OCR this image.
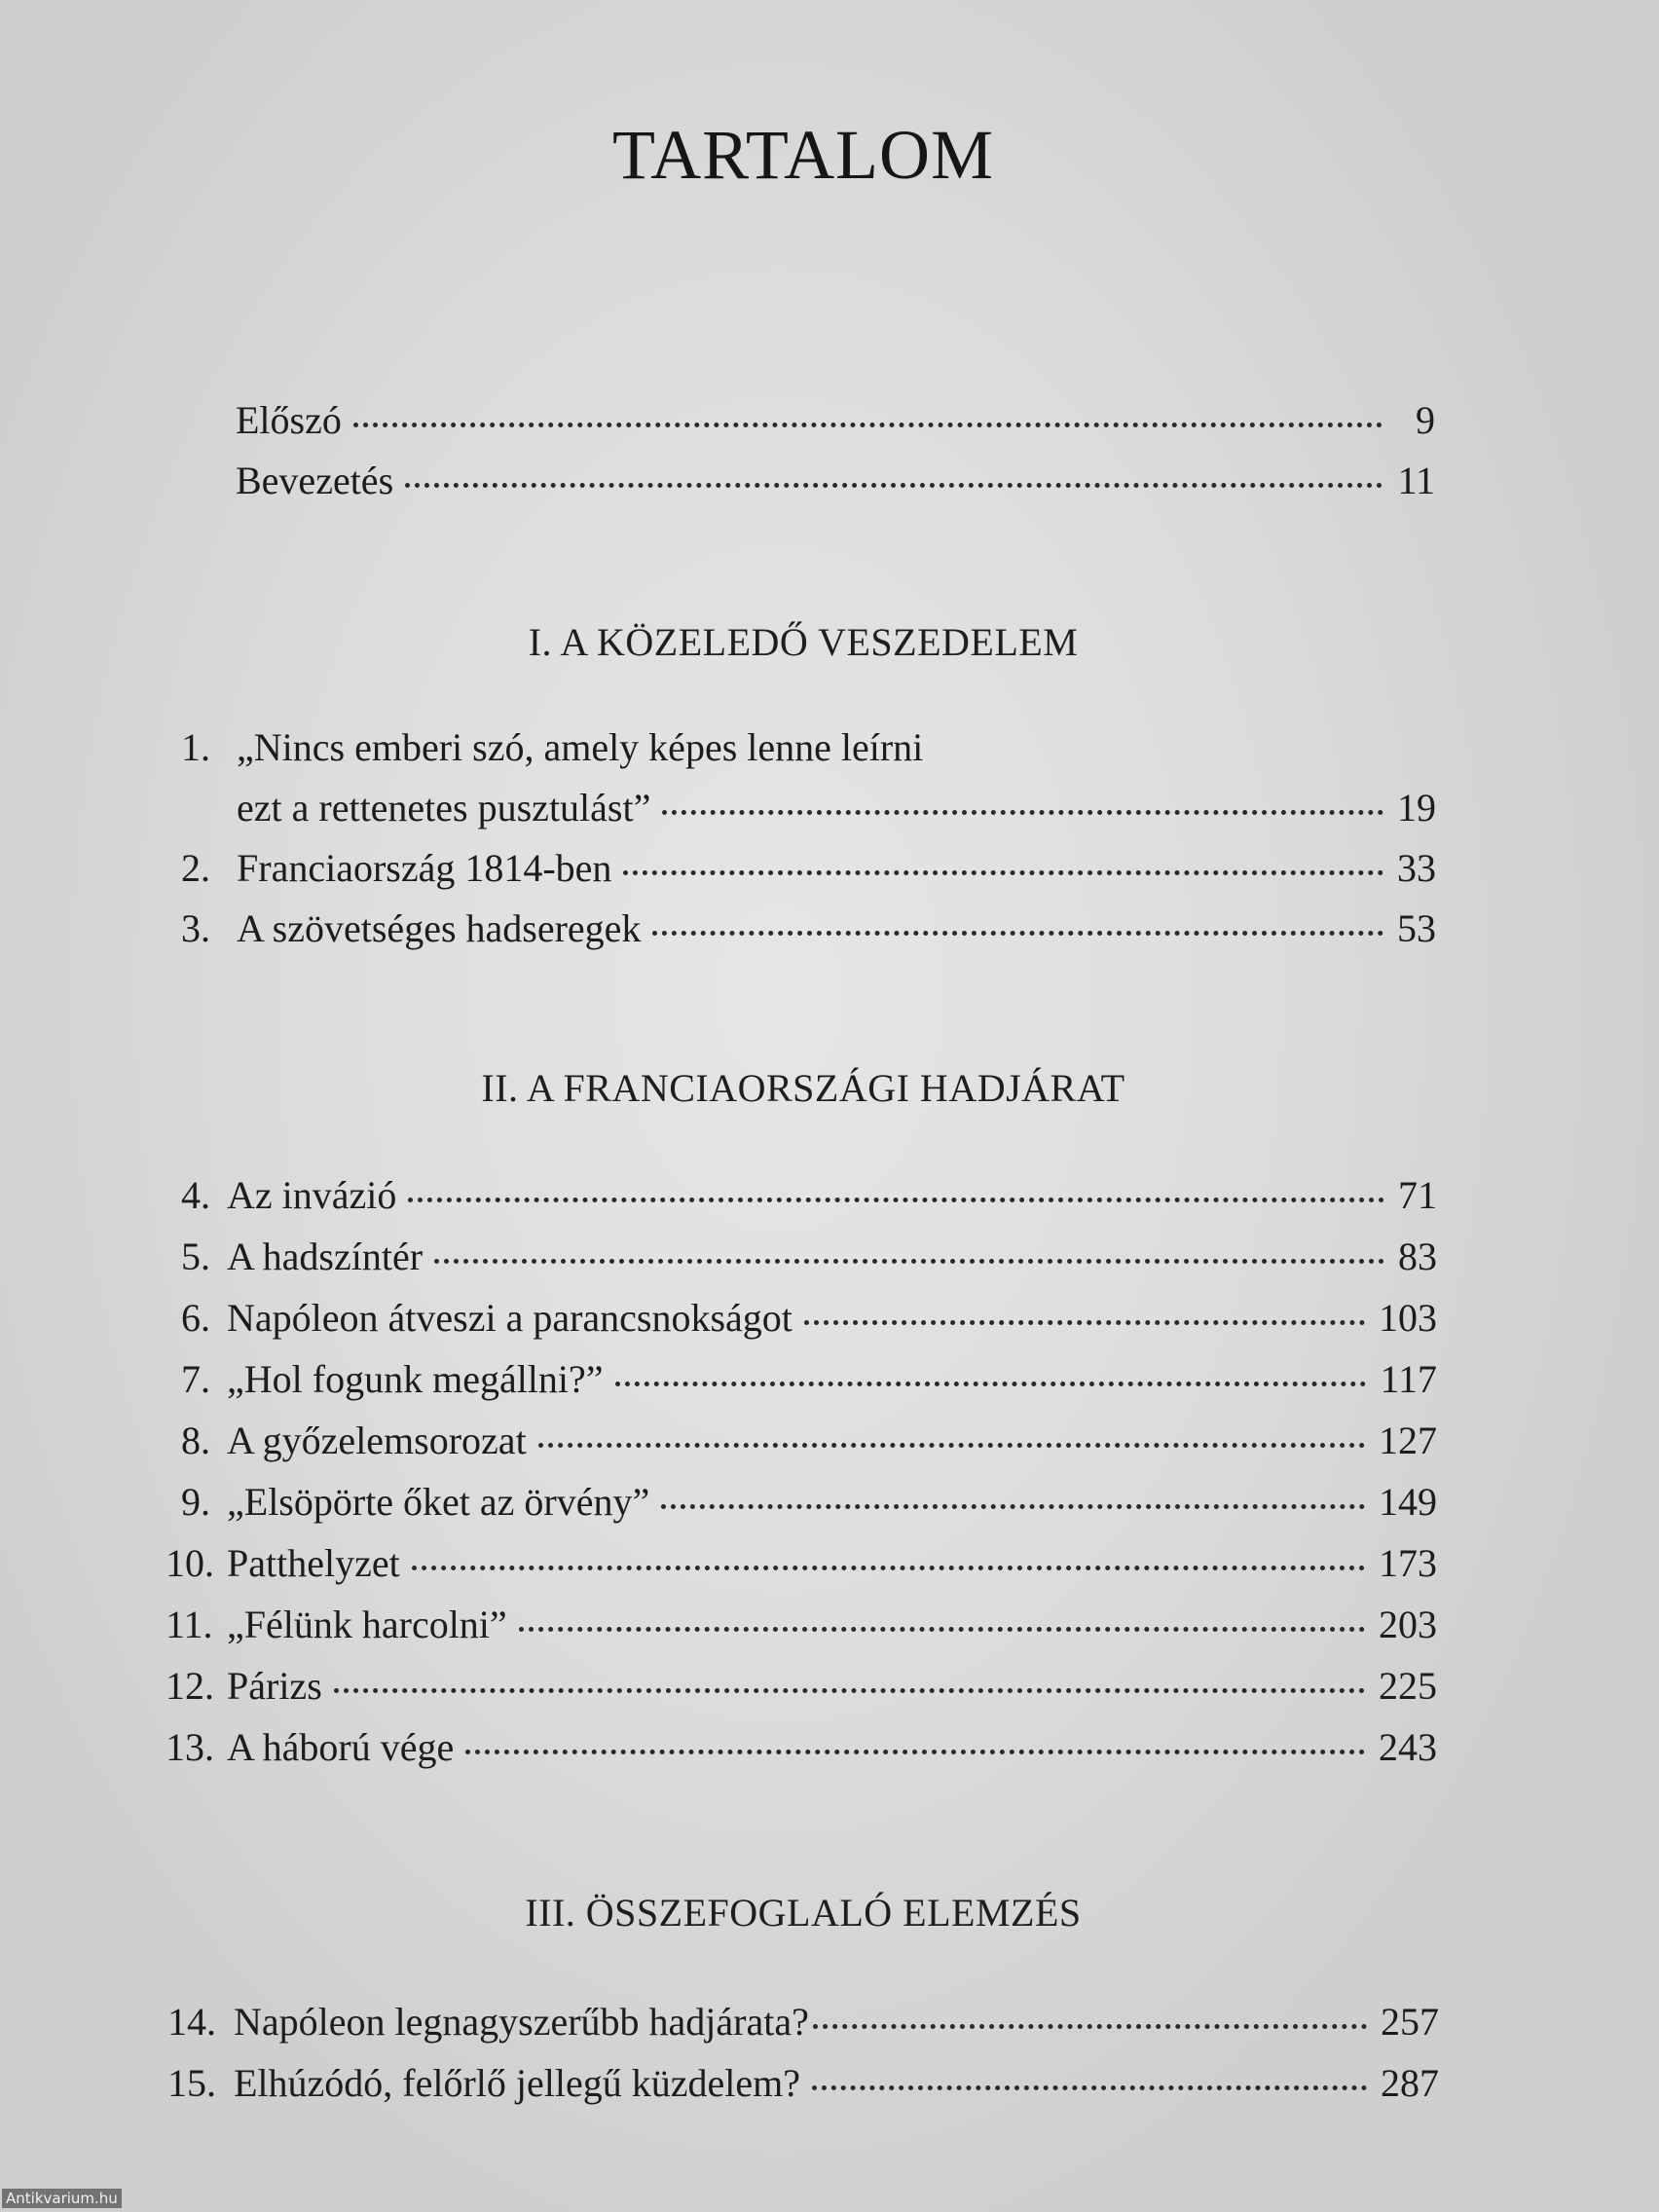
TARTALOM
Előszó	9
Bevezetés	11
I. A KÖZELEDŐ VESZEDELEM
1. „Nincs emberi szó, amely képes lenne leírni
ezt a rettenetes pusztulást”	19
2. Franciaország 1814-ben	33
3. A szövetséges hadseregek	53
II. A FRANCIAORSZÁGI HADJÁRAT
4. Az invázió	71
5. A hadszíntér	83
6. Napóleon átveszi a parancsnokságot	103
7. „Hol fogunk megállni?”	117
8. A győzelemsorozat	127
9. „Elsöpörte őket az örvény”	149
10. Patthelyzet	173
11. „Félünk harcolni”	203
12. Párizs	225
13. A háború vége	243
III. ÖSSZEFOGLALÓ ELEMZÉS
14. Napóleon legnagyszerűbb hadjárata?	257
15. Elhúzódó, felőrlő jellegű küzdelem?	287
Antikvarium.hu
